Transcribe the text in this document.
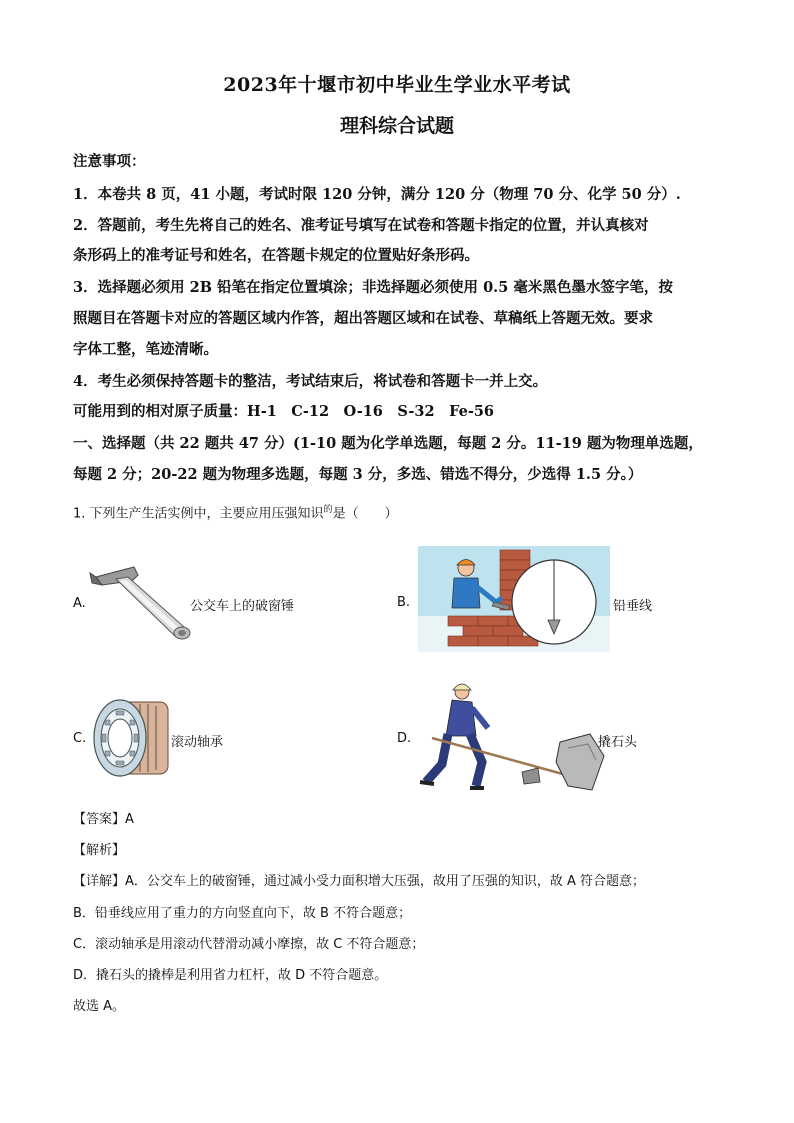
2023年十堰市初中毕业生学业水平考试
理科综合试题
注意事项：
1．本卷共 8 页，41 小题，考试时限 120 分钟，满分 120 分（物理 70 分、化学 50 分）.
2．答题前，考生先将自己的姓名、准考证号填写在试卷和答题卡指定的位置，并认真核对
条形码上的准考证号和姓名，在答题卡规定的位置贴好条形码。
3．选择题必须用 2B 铅笔在指定位置填涂；非选择题必须使用 0.5 毫米黑色墨水签字笔，按
照题目在答题卡对应的答题区域内作答，超出答题区域和在试卷、草稿纸上答题无效。要求
字体工整，笔迹清晰。
4．考生必须保持答题卡的整洁，考试结束后，将试卷和答题卡一并上交。
可能用到的相对原子质量：H-1　C-12　O-16　S-32　Fe-56
一、选择题（共 22 题共 47 分）(1-10 题为化学单选题，每题 2 分。11-19 题为物理单选题，
每题 2 分；20-22 题为物理多选题，每题 3 分，多选、错选不得分，少选得 1.5 分。）
1. 下列生产生活实例中，主要应用压强知识$^的$是（　　）
A.	公交车上的破窗锤	B.	铅垂线
C.	滚动轴承	D.	撬石头
【答案】A
【解析】
【详解】A．公交车上的破窗锤，通过减小受力面积增大压强，故用了压强的知识，故 A 符合题意；
B．铅垂线应用了重力的方向竖直向下，故 B 不符合题意；
C．滚动轴承是用滚动代替滑动减小摩擦，故 C 不符合题意；
D．撬石头的撬棒是利用省力杠杆，故 D 不符合题意。
故选 A。
